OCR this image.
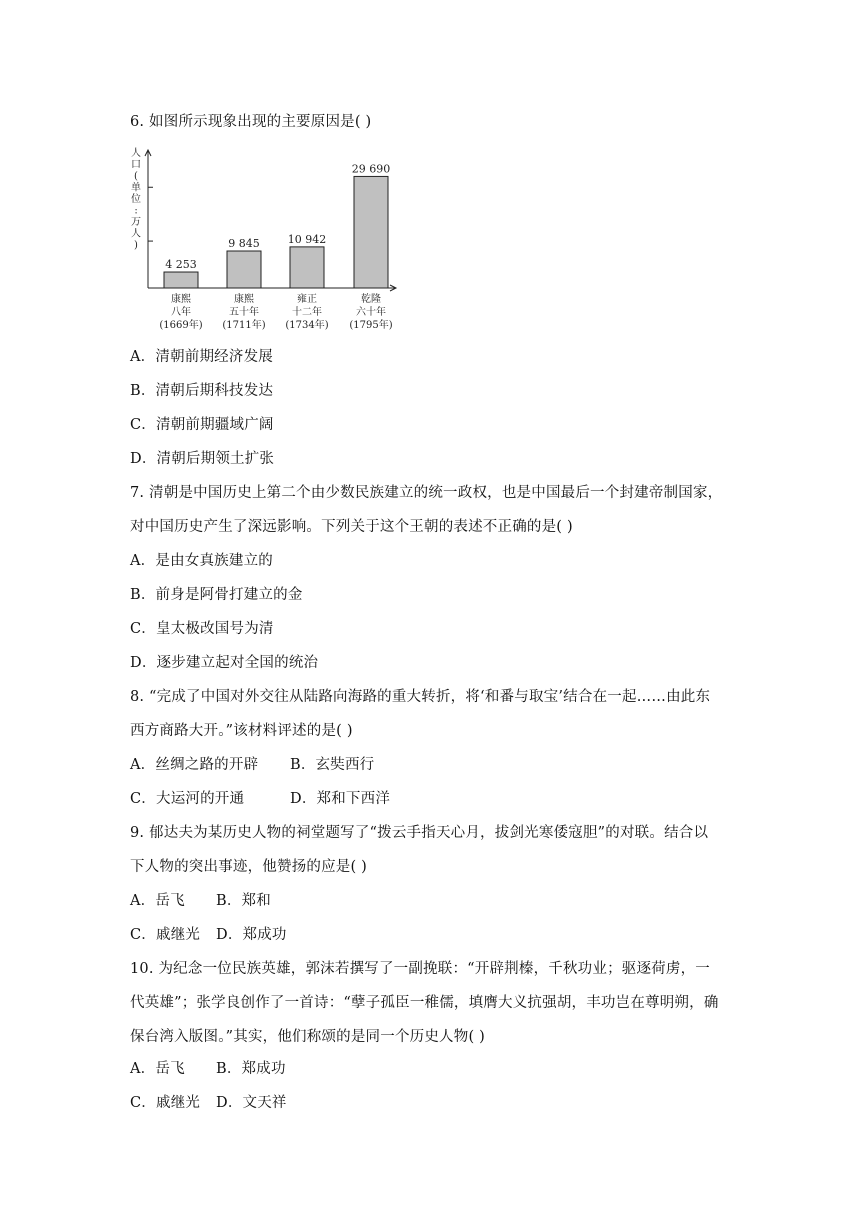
6. 如图所示现象出现的主要原因是( )
人
口
(
单
位
:
万
人
)
4 253
康熙
八年
(1669年)
9 845
康熙
五十年
(1711年)
10 942
雍正
十二年
(1734年)
29 690
乾隆
六十年
(1795年)
A．清朝前期经济发展
B．清朝后期科技发达
C．清朝前期疆域广阔
D．清朝后期领土扩张
7. 清朝是中国历史上第二个由少数民族建立的统一政权，也是中国最后一个封建帝制国家，
对中国历史产生了深远影响。下列关于这个王朝的表述不正确的是( )
A．是由女真族建立的
B．前身是阿骨打建立的金
C．皇太极改国号为清
D．逐步建立起对全国的统治
8. “完成了中国对外交往从陆路向海路的重大转折，将‘和番与取宝’结合在一起……由此东
西方商路大开。”该材料评述的是( )
A．丝绸之路的开辟 B．玄奘西行
C．大运河的开通	D．郑和下西洋
9. 郁达夫为某历史人物的祠堂题写了“拨云手指天心月，拔剑光寒倭寇胆”的对联。结合以
下人物的突出事迹，他赞扬的应是( )
A．岳飞 B．郑和
C．戚继光 D．郑成功
10. 为纪念一位民族英雄，郭沫若撰写了一副挽联：“开辟荆榛，千秋功业；驱逐荷虏，一
代英雄”；张学良创作了一首诗：“孽子孤臣一稚儒，填膺大义抗强胡，丰功岂在尊明朔，确
保台湾入版图。”其实，他们称颂的是同一个历史人物( )
A．岳飞 B．郑成功
C．戚继光 D．文天祥
